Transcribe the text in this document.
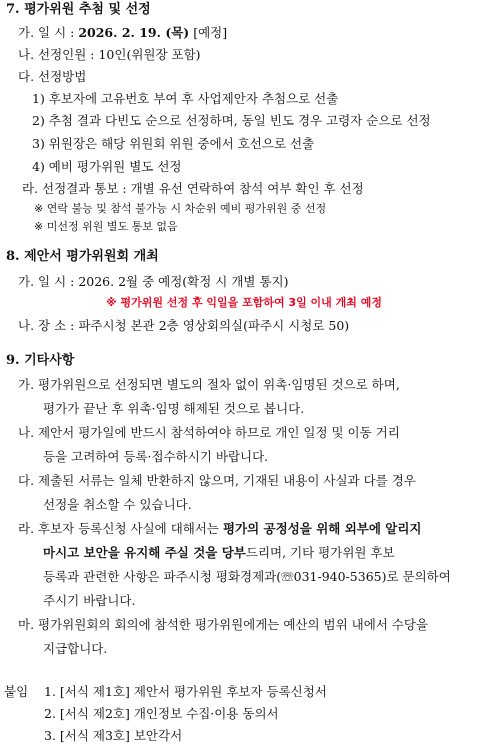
7. 평가위원 추첨 및 선정
가. 일 시 : 2026. 2. 19. (목) [예정]
나. 선정인원 : 10인(위원장 포함)
다. 선정방법
1) 후보자에 고유번호 부여 후 사업제안자 추첨으로 선출
2) 추첨 결과 다빈도 순으로 선정하며, 동일 빈도 경우 고령자 순으로 선정
3) 위원장은 해당 위원회 위원 중에서 호선으로 선출
4) 예비 평가위원 별도 선정
라. 선정결과 통보 : 개별 유선 연락하여 참석 여부 확인 후 선정
※ 연락 불능 및 참석 불가능 시 차순위 예비 평가위원 중 선정
※ 미선정 위원 별도 통보 없음
8. 제안서 평가위원회 개최
가. 일 시 : 2026. 2월 중 예정(확정 시 개별 통지)
※ 평가위원 선정 후 익일을 포함하여 3일 이내 개최 예정
나. 장 소 : 파주시청 본관 2층 영상회의실(파주시 시청로 50)
9. 기타사항
가. 평가위원으로 선정되면 별도의 절차 없이 위촉·임명된 것으로 하며,
평가가 끝난 후 위촉·임명 해제된 것으로 봅니다.
나. 제안서 평가일에 반드시 참석하여야 하므로 개인 일정 및 이동 거리
등을 고려하여 등록·접수하시기 바랍니다.
다. 제출된 서류는 일체 반환하지 않으며, 기재된 내용이 사실과 다를 경우
선정을 취소할 수 있습니다.
라. 후보자 등록신청 사실에 대해서는 평가의 공정성을 위해 외부에 알리지
마시고 보안을 유지해 주실 것을 당부드리며, 기타 평가위원 후보
등록과 관련한 사항은 파주시청 평화경제과(☏031-940-5365)로 문의하여
주시기 바랍니다.
마. 평가위원회의 회의에 참석한 평가위원에게는 예산의 범위 내에서 수당을
지급합니다.
붙임 1. [서식 제1호] 제안서 평가위원 후보자 등록신청서
2. [서식 제2호] 개인정보 수집·이용 동의서
3. [서식 제3호] 보안각서
